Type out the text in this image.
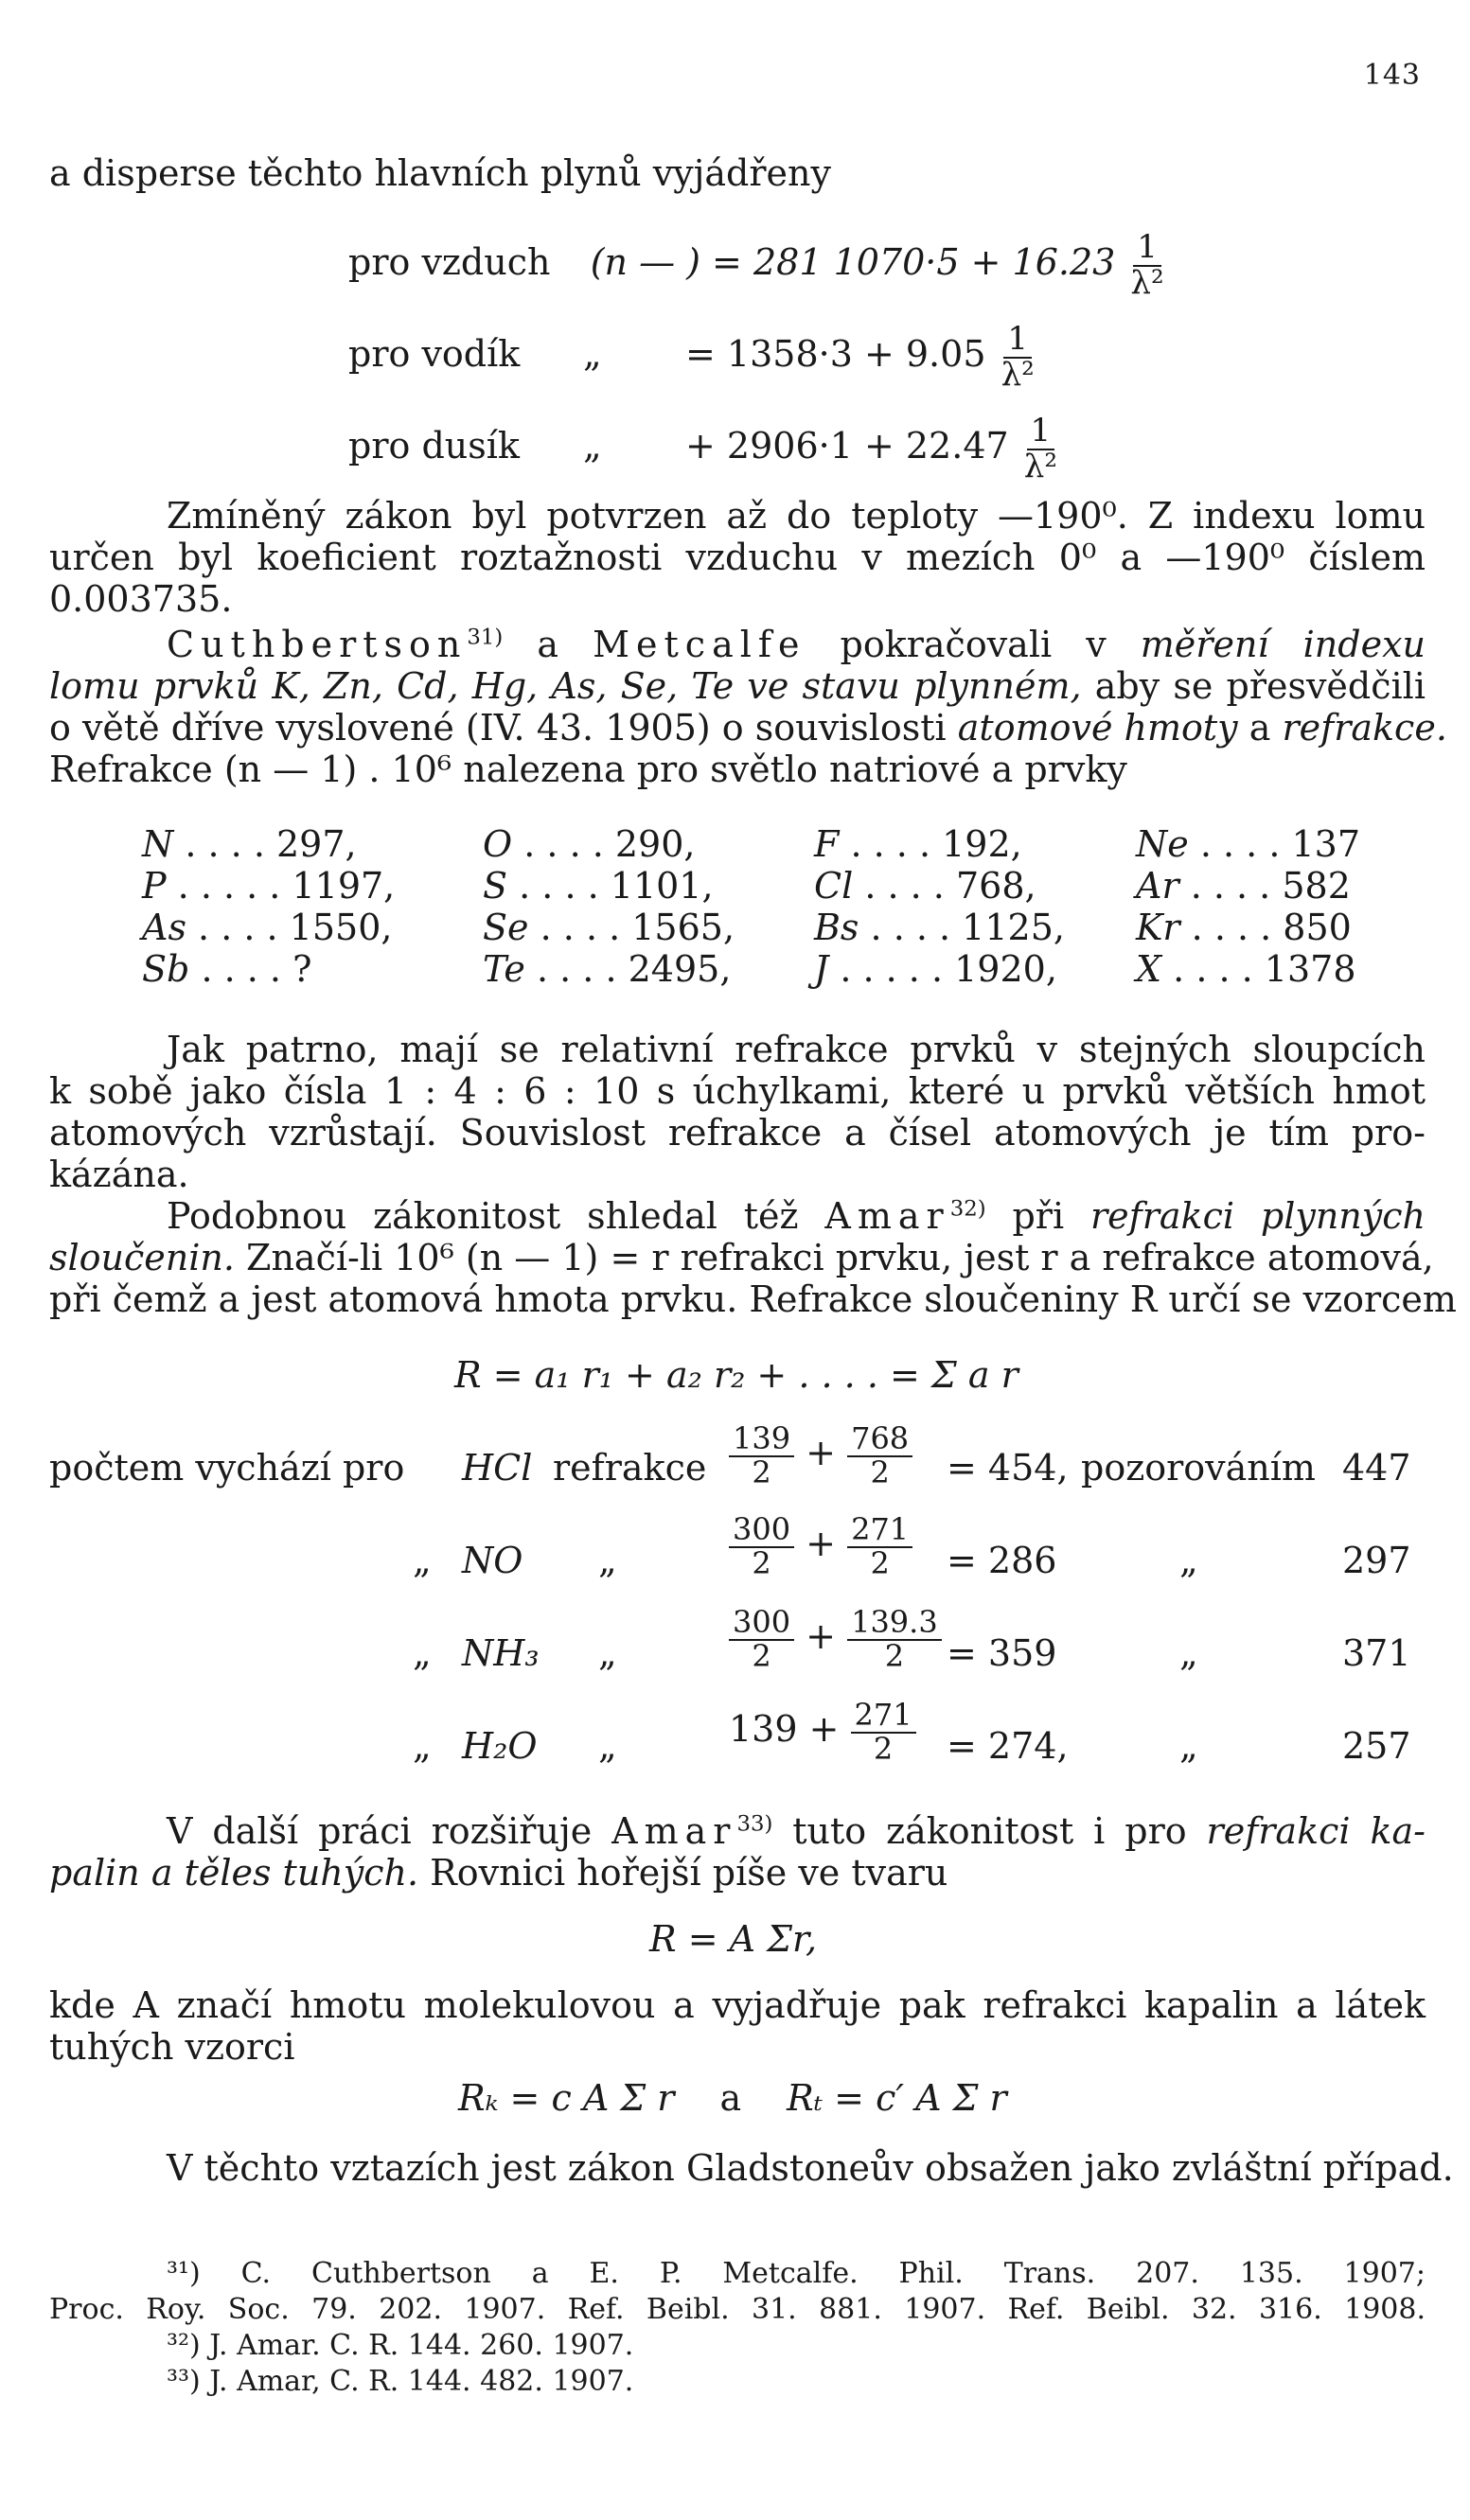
143
a disperse těchto hlavních plynů vyjádřeny
pro vzduch (n — ) = 281 $1070\cdot 5 + 16.23 \frac{1}{\text{λ²}}$
pro vodík „ = $1358\cdot 3 + 9.05 \frac{1}{\text{λ²}}$
pro dusík „ + $2906\cdot 1 + 22.47 \frac{1}{\text{λ²}}$
Zmíněný zákon byl potvrzen až do teploty —190⁰. Z indexu lomu
určen byl koeficient roztažnosti vzduchu v mezích 0⁰ a —190⁰ číslem
0.003735.
Cuthbertson$^{31)}$ a Metcalfe pokračovali v měření indexu
lomu prvků K, Zn, Cd, Hg, As, Se, Te ve stavu plynném, aby se přesvědčili
o větě dříve vyslovené (IV. 43. 1905) o souvislosti atomové hmoty a refrakce.
Refrakce (n — 1) . 10⁶ nalezena pro světlo natriové a prvky
N . . . . 297,	O . . . . 290,	F . . . . 192,	Ne . . . . 137
P . . . . . 1197, S . . . . 1101,	Cl . . . . 768,	Ar . . . . 582
As . . . . 1550,	Se . . . . 1565, Bs . . . . 1125, Kr . . . . 850
Sb . . . . ?	Te . . . . 2495, J . . . . . 1920, X . . . . 1378
Jak patrno, mají se relativní refrakce prvků v stejných sloupcích
k sobě jako čísla 1 : 4 : 6 : 10 s úchylkami, které u prvků větších hmot
atomových vzrůstají. Souvislost refrakce a čísel atomových je tím pro-
kázána.
Podobnou zákonitost shledal též Amar$^{32)}$ při refrakci plynných
sloučenin. Značí-li 10⁶ (n — 1) = r refrakci prvku, jest r a refrakce atomová,
při čemž a jest atomová hmota prvku. Refrakce sloučeniny R určí se vzorcem
R = a₁ r₁ + a₂ r₂ + . . . . = Σ a r
počtem vychází pro HCl refrakce $\frac{139}{2} + \frac{768}{2} = 454$, pozorováním 447
„ NO „	$\frac{300}{2} + \frac{271}{2} = 286$	„	297
„ NH₃ „	$\frac{300}{2} + \frac{139.3}{2} = 359$	„	371
„ H₂O „	$139 + \frac{271}{2} = 274$,	„	257
V další práci rozšiřuje Amar$^{33)}$ tuto zákonitost i pro refrakci ka-
palin a těles tuhých. Rovnici hořejší píše ve tvaru
R = A Σr,
kde A značí hmotu molekulovou a vyjadřuje pak refrakci kapalin a látek
tuhých vzorci
Rₖ = c A Σ r a Rₜ = c′ A Σ r
V těchto vztazích jest zákon Gladstoneův obsažen jako zvláštní případ.
³¹) C. Cuthbertson a E. P. Metcalfe. Phil. Trans. 207. 135. 1907;
Proc. Roy. Soc. 79. 202. 1907. Ref. Beibl. 31. 881. 1907. Ref. Beibl. 32. 316. 1908.
³²) J. Amar. C. R. 144. 260. 1907.
³³) J. Amar, C. R. 144. 482. 1907.
